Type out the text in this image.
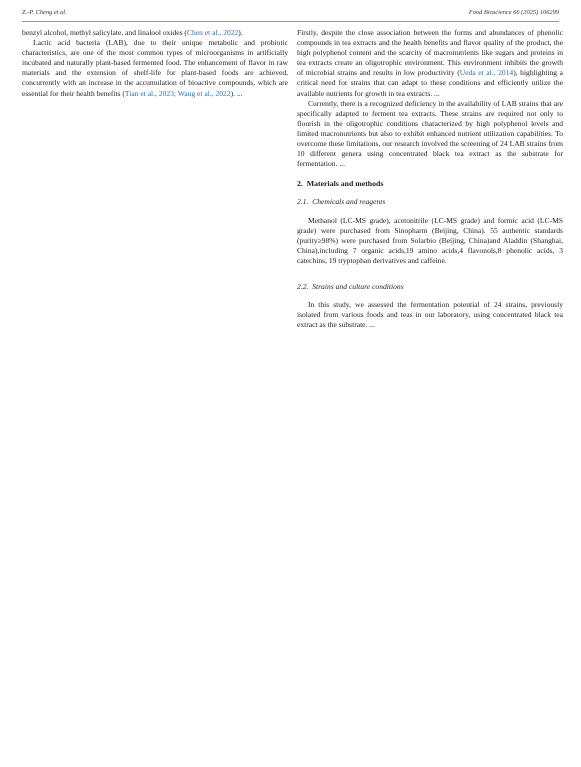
Z.-P. Cheng et al.	Food Bioscience 66 (2025) 106299

benzyl alcohol, methyl salicylate, and linalool oxides (Chen et al., 2022).

Lactic acid bacteria (LAB), due to their unique metabolic and probiotic characteristics, are one of the most common types of microorganisms in artificially incubated and naturally plant-based fermented food. The enhancement of flavor in raw materials and the extension of shelf-life for plant-based foods are achieved, concurrently with an increase in the accumulation of bioactive compounds, which are essential for their health benefits (Tian et al., 2023; Wang et al., 2022). ...

Firstly, despite the close association between the forms and abundances of phenolic compounds in tea extracts and the health benefits and flavor quality of the product, the high polyphenol content and the scarcity of macronutrients like sugars and proteins in tea extracts create an oligotrophic environment. This environment inhibits the growth of microbial strains and results in low productivity (Ueda et al., 2014), highlighting a critical need for strains that can adapt to these conditions and efficiently utilize the available nutrients for growth in tea extracts. ...

Currently, there is a recognized deficiency in the availability of LAB strains that are specifically adapted to ferment tea extracts. These strains are required not only to flourish in the oligotrophic conditions characterized by high polyphenol levels and limited macronutrients but also to exhibit enhanced nutrient utilization capabilities. To overcome these limitations, our research involved the screening of 24 LAB strains from 10 different genera using concentrated black tea extract as the substrate for fermentation. ...

2. Materials and methods
2.1. Chemicals and reagents

Methanol (LC-MS grade), acetonitrile (LC-MS grade) and formic acid (LC-MS grade) were purchased from Sinopharm (Beijing, China). 55 authentic standards (purity≥98%) were purchased from Solarbio (Beijing, China)and Aladdin (Shanghai, China),including 7 organic acids,19 amino acids,4 flavonols,8 phenolic acids, 3 catechins, 19 tryptophan derivatives and caffeine.

2.2. Strains and culture conditions

In this study, we assessed the fermentation potential of 24 strains, previously isolated from various foods and teas in our laboratory, using concentrated black tea extract as the substrate. ...
